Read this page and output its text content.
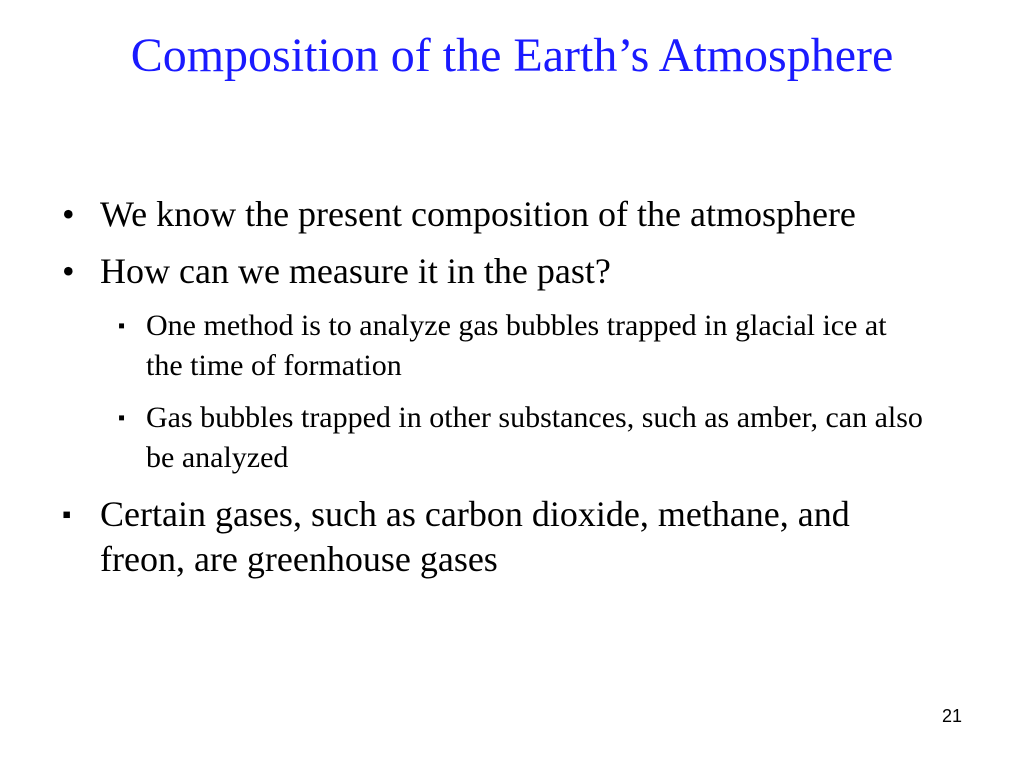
Composition of the Earth’s Atmosphere
• We know the present composition of the atmosphere
• How can we measure it in the past?
▪ One method is to analyze gas bubbles trapped in glacial ice at the time of formation
▪ Gas bubbles trapped in other substances, such as amber, can also be analyzed
▪ Certain gases, such as carbon dioxide, methane, and freon, are greenhouse gases
21
